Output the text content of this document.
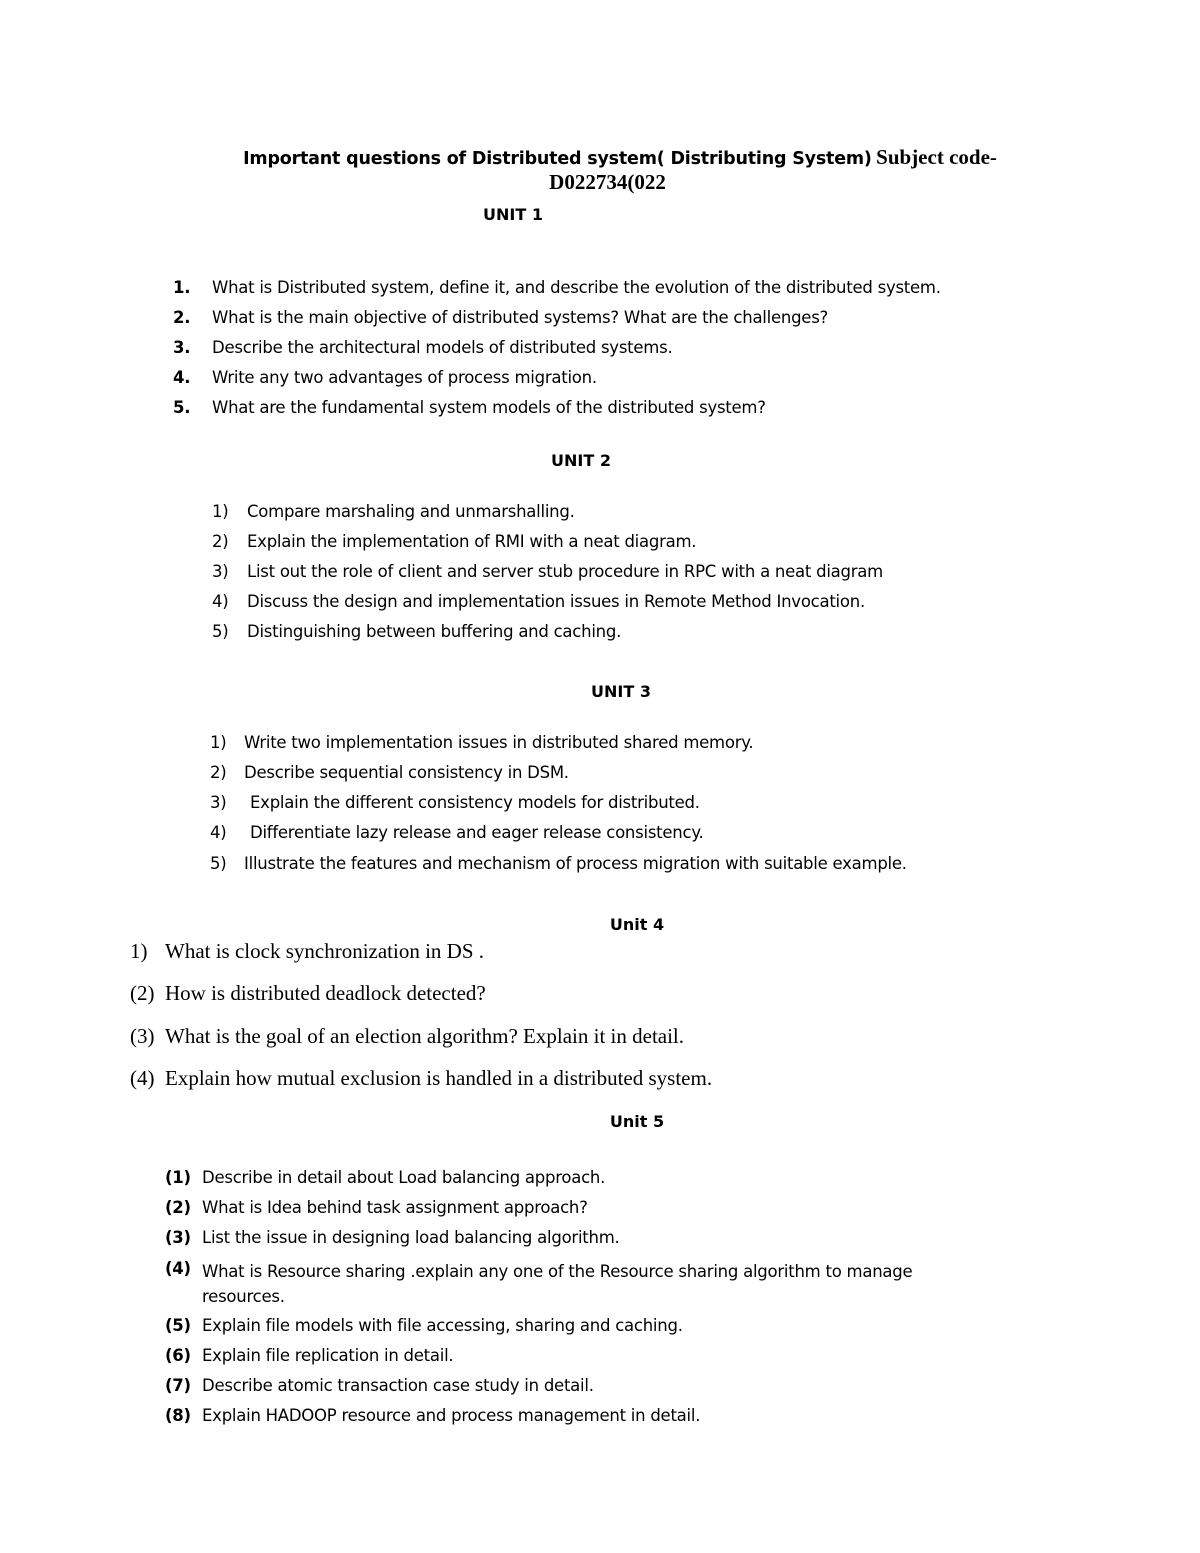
Important questions of Distributed system( Distributing System) Subject code-
D022734(022
UNIT 1
1. What is Distributed system, define it, and describe the evolution of the distributed system.
2. What is the main objective of distributed systems? What are the challenges?
3. Describe the architectural models of distributed systems.
4. Write any two advantages of process migration.
5. What are the fundamental system models of the distributed system?
UNIT 2
1) Compare marshaling and unmarshalling.
2) Explain the implementation of RMI with a neat diagram.
3) List out the role of client and server stub procedure in RPC with a neat diagram
4) Discuss the design and implementation issues in Remote Method Invocation.
5) Distinguishing between buffering and caching.
UNIT 3
1) Write two implementation issues in distributed shared memory.
2) Describe sequential consistency in DSM.
3) Explain the different consistency models for distributed.
4) Differentiate lazy release and eager release consistency.
5) Illustrate the features and mechanism of process migration with suitable example.
Unit 4
1) What is clock synchronization in DS .
(2) How is distributed deadlock detected?
(3) What is the goal of an election algorithm? Explain it in detail.
(4) Explain how mutual exclusion is handled in a distributed system.
Unit 5
(1) Describe in detail about Load balancing approach.
(2) What is Idea behind task assignment approach?
(3) List the issue in designing load balancing algorithm.
(4) What is Resource sharing .explain any one of the Resource sharing algorithm to manage resources.
(5) Explain file models with file accessing, sharing and caching.
(6) Explain file replication in detail.
(7) Describe atomic transaction case study in detail.
(8) Explain HADOOP resource and process management in detail.
